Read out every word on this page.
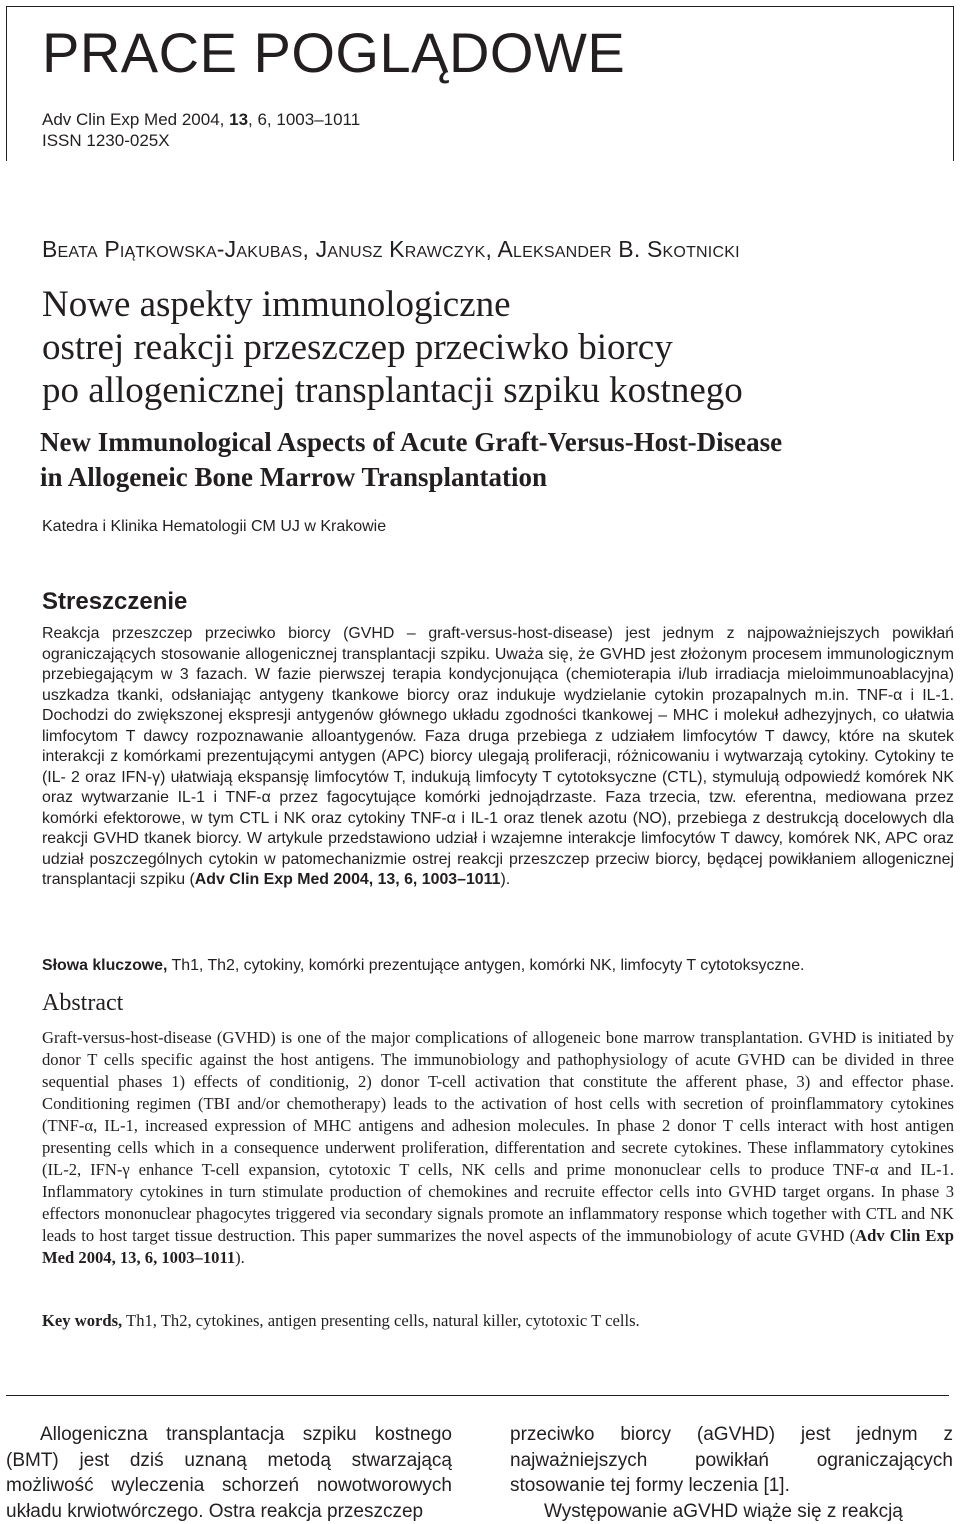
PRACE POGLĄDOWE
Adv Clin Exp Med 2004, 13, 6, 1003–1011
ISSN 1230-025X
Beata Piątkowska-Jakubas, Janusz Krawczyk, Aleksander B. Skotnicki
Nowe aspekty immunologiczne
ostrej reakcji przeszczep przeciwko biorcy
po allogenicznej transplantacji szpiku kostnego
New Immunological Aspects of Acute Graft-Versus-Host-Disease
in Allogeneic Bone Marrow Transplantation
Katedra i Klinika Hematologii CM UJ w Krakowie
Streszczenie
Reakcja przeszczep przeciwko biorcy (GVHD – graft-versus-host-disease) jest jednym z najpoważniejszych powikłań ograniczających stosowanie allogenicznej transplantacji szpiku. Uważa się, że GVHD jest złożonym procesem immunologicznym przebiegającym w 3 fazach. W fazie pierwszej terapia kondycjonująca (chemioterapia i/lub irradiacja mieloimmunoablacyjna) uszkadza tkanki, odsłaniając antygeny tkankowe biorcy oraz indukuje wydzielanie cytokin prozapalnych m.in. TNF-α i IL-1. Dochodzi do zwiększonej ekspresji antygenów głównego układu zgodności tkankowej – MHC i molekuł adhezyjnych, co ułatwia limfocytom T dawcy rozpoznawanie alloantygenów. Faza druga przebiega z udziałem limfocytów T dawcy, które na skutek interakcji z komórkami prezentującymi antygen (APC) biorcy ulegają proliferacji, różnicowaniu i wytwarzają cytokiny. Cytokiny te (IL- 2 oraz IFN-γ) ułatwiają ekspansję limfocytów T, indukują limfocyty T cytotoksyczne (CTL), stymulują odpowiedź komórek NK oraz wytwarzanie IL-1 i TNF-α przez fagocytujące komórki jednojądrzaste. Faza trzecia, tzw. eferentna, mediowana przez komórki efektorowe, w tym CTL i NK oraz cytokiny TNF-α i IL-1 oraz tlenek azotu (NO), przebiega z destrukcją docelowych dla reakcji GVHD tkanek biorcy. W artykule przedstawiono udział i wzajemne interakcje limfocytów T dawcy, komórek NK, APC oraz udział poszczególnych cytokin w patomechanizmie ostrej reakcji przeszczep przeciw biorcy, będącej powikłaniem allogenicznej transplantacji szpiku (Adv Clin Exp Med 2004, 13, 6, 1003–1011).
Słowa kluczowe, Th1, Th2, cytokiny, komórki prezentujące antygen, komórki NK, limfocyty T cytotoksyczne.
Abstract
Graft-versus-host-disease (GVHD) is one of the major complications of allogeneic bone marrow transplantation. GVHD is initiated by donor T cells specific against the host antigens. The immunobiology and pathophysiology of acute GVHD can be divided in three sequential phases 1) effects of conditionig, 2) donor T-cell activation that constitute the afferent phase, 3) and effector phase. Conditioning regimen (TBI and/or chemotherapy) leads to the activation of host cells with secretion of proinflammatory cytokines (TNF-α, IL-1, increased expression of MHC antigens and adhesion molecules. In phase 2 donor T cells interact with host antigen presenting cells which in a consequence underwent proliferation, differentation and secrete cytokines. These inflammatory cytokines (IL-2, IFN-γ enhance T-cell expansion, cytotoxic T cells, NK cells and prime mononuclear cells to produce TNF-α and IL-1. Inflammatory cytokines in turn stimulate production of chemokines and recruite effector cells into GVHD target organs. In phase 3 effectors mononuclear phagocytes triggered via secondary signals promote an inflammatory response which together with CTL and NK leads to host target tissue destruction. This paper summarizes the novel aspects of the immunobiology of acute GVHD (Adv Clin Exp Med 2004, 13, 6, 1003–1011).
Key words, Th1, Th2, cytokines, antigen presenting cells, natural killer, cytotoxic T cells.
Allogeniczna transplantacja szpiku kostnego (BMT) jest dziś uznaną metodą stwarzającą możliwość wyleczenia schorzeń nowotworowych układu krwiotwórczego. Ostra reakcja przeszczep
przeciwko biorcy (aGVHD) jest jednym z najważniejszych powikłań ograniczających stosowanie tej formy leczenia [1].
Występowanie aGVHD wiąże się z reakcją
